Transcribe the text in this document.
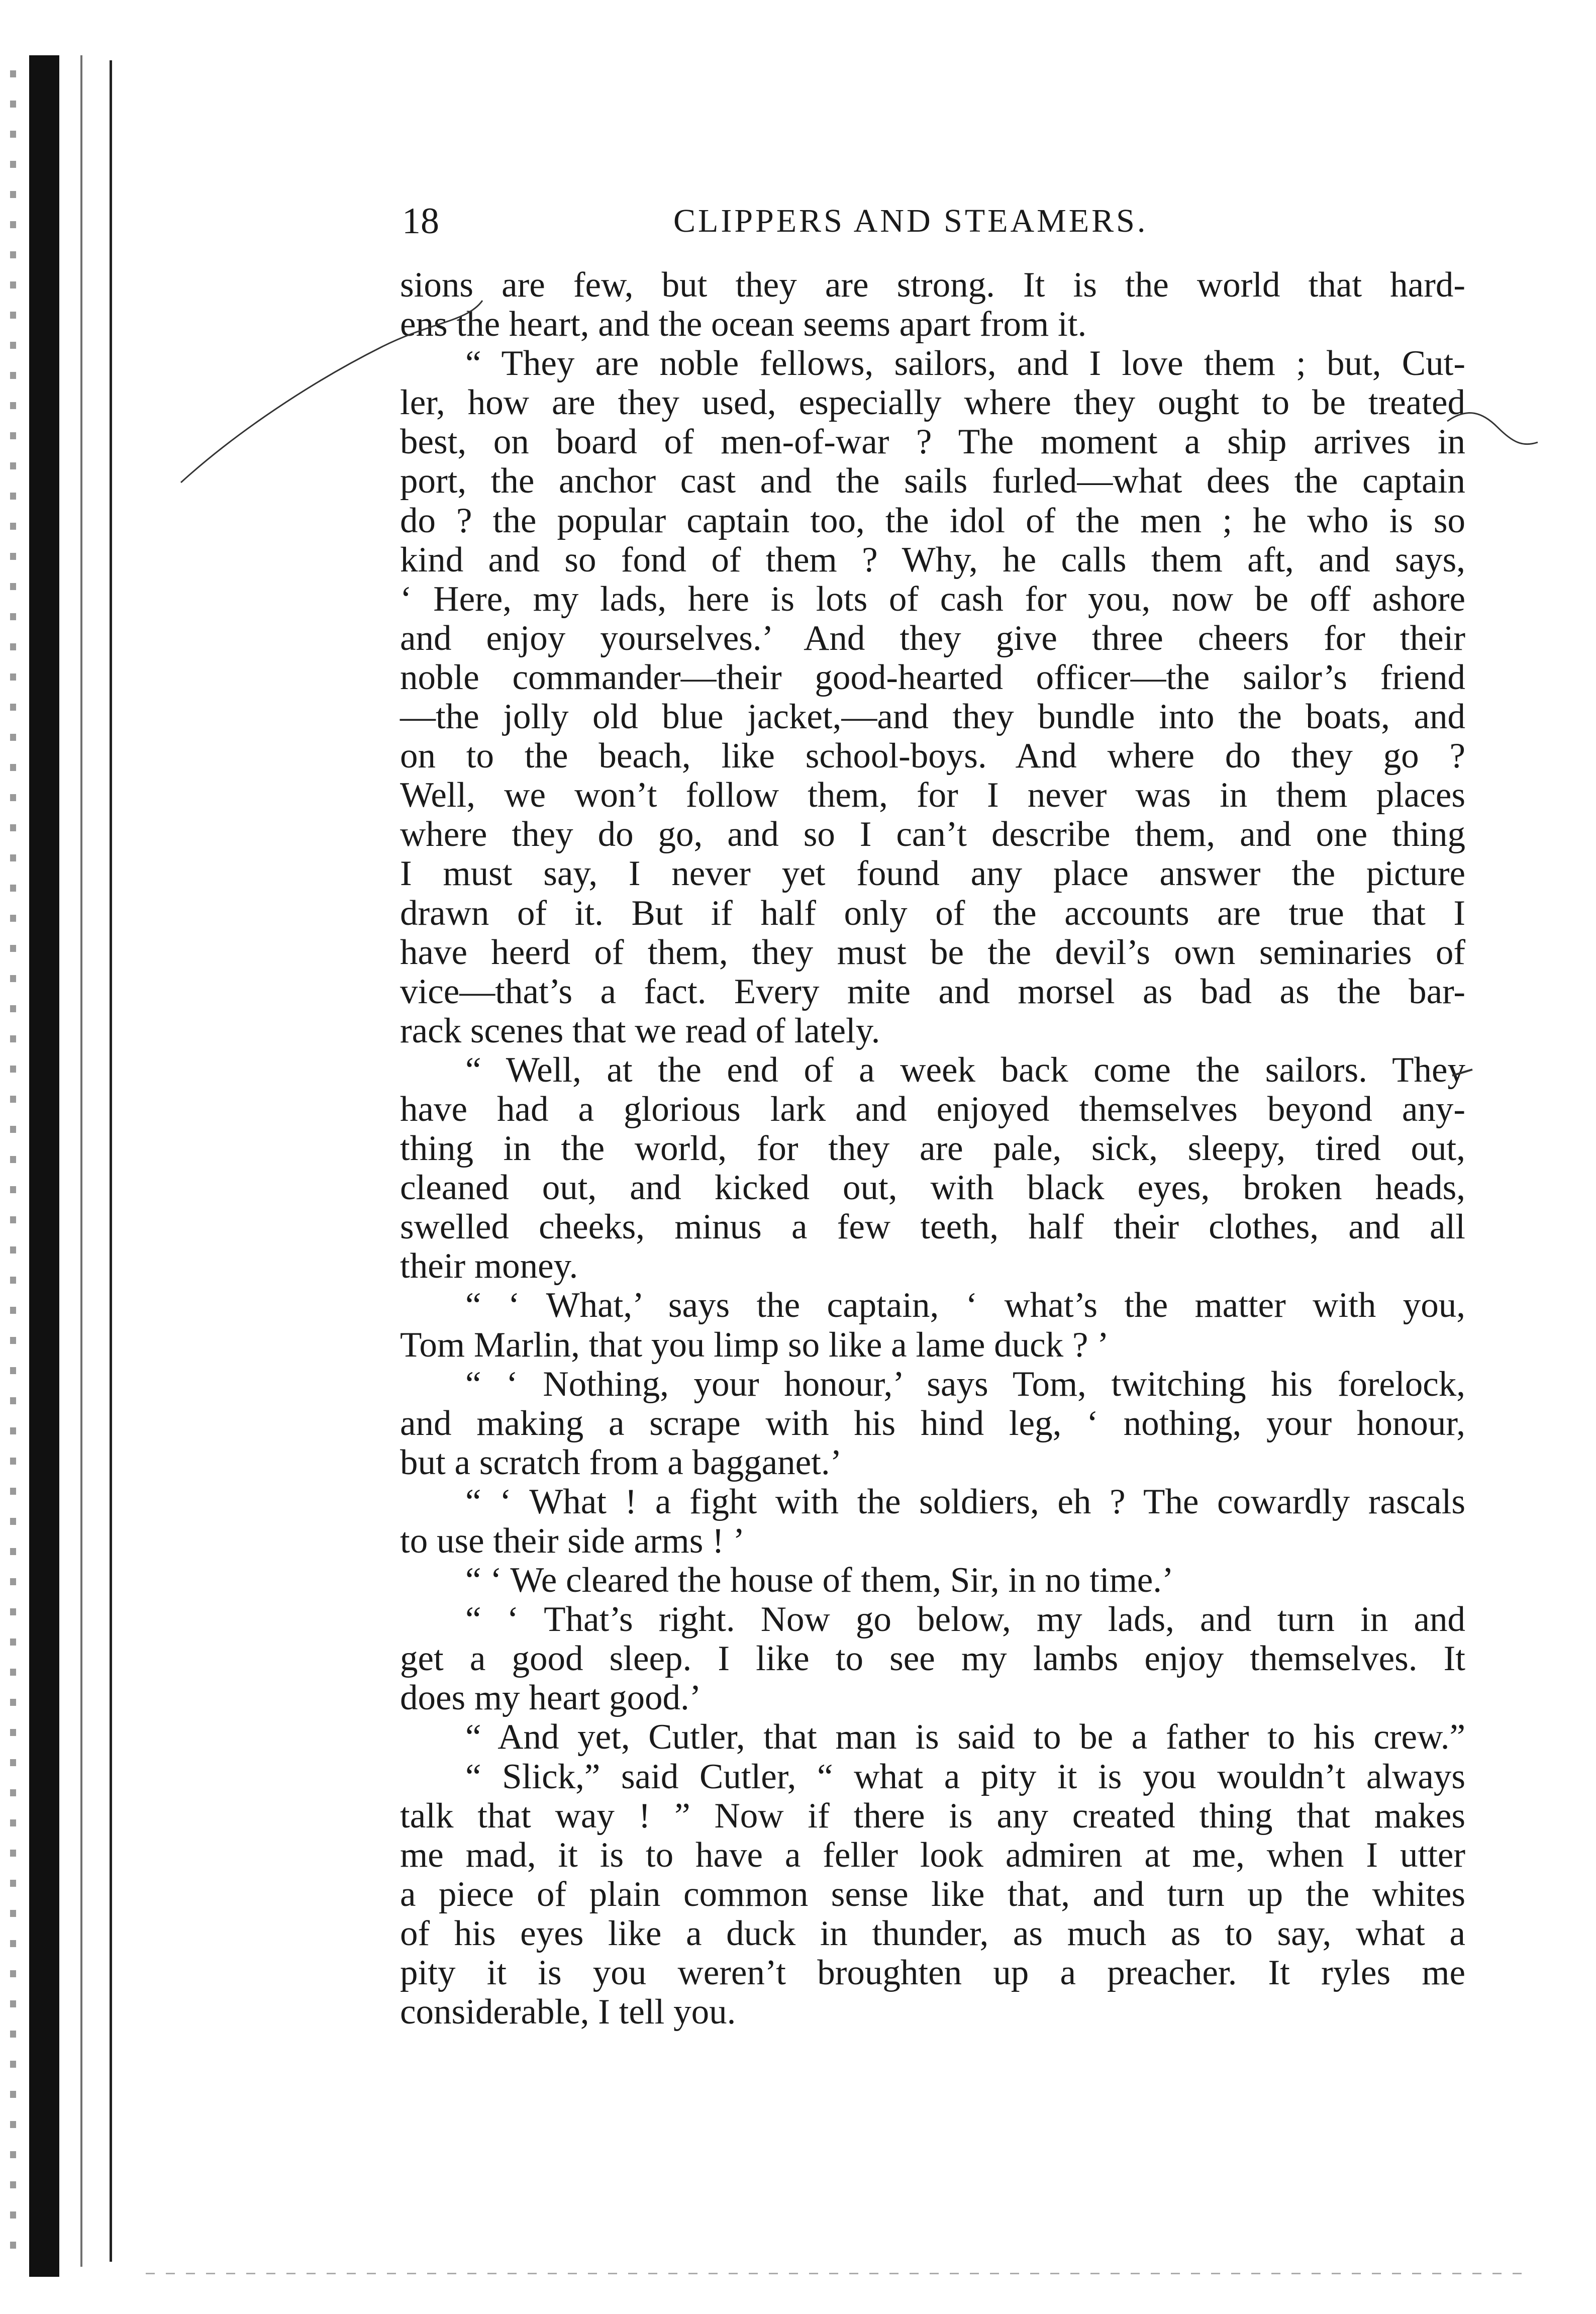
18	CLIPPERS AND STEAMERS.
sions are few, but they are strong. It is the world that hard-
ens the heart, and the ocean seems apart from it.
“ They are noble fellows, sailors, and I love them ; but, Cut-
ler, how are they used, especially where they ought to be treated
best, on board of men-of-war ? The moment a ship arrives in
port, the anchor cast and the sails furled—what dees the captain
do ? the popular captain too, the idol of the men ; he who is so
kind and so fond of them ? Why, he calls them aft, and says,
‘ Here, my lads, here is lots of cash for you, now be off ashore
and enjoy yourselves.’ And they give three cheers for their
noble commander—their good-hearted officer—the sailor’s friend
—the jolly old blue jacket,—and they bundle into the boats, and
on to the beach, like school-boys. And where do they go ?
Well, we won’t follow them, for I never was in them places
where they do go, and so I can’t describe them, and one thing
I must say, I never yet found any place answer the picture
drawn of it. But if half only of the accounts are true that I
have heerd of them, they must be the devil’s own seminaries of
vice—that’s a fact. Every mite and morsel as bad as the bar-
rack scenes that we read of lately.
“ Well, at the end of a week back come the sailors. They
have had a glorious lark and enjoyed themselves beyond any-
thing in the world, for they are pale, sick, sleepy, tired out,
cleaned out, and kicked out, with black eyes, broken heads,
swelled cheeks, minus a few teeth, half their clothes, and all
their money.
“ ‘ What,’ says the captain, ‘ what’s the matter with you,
Tom Marlin, that you limp so like a lame duck ? ’
“ ‘ Nothing, your honour,’ says Tom, twitching his forelock,
and making a scrape with his hind leg, ‘ nothing, your honour,
but a scratch from a bagganet.’
“ ‘ What ! a fight with the soldiers, eh ? The cowardly rascals
to use their side arms ! ’
“ ‘ We cleared the house of them, Sir, in no time.’
“ ‘ That’s right. Now go below, my lads, and turn in and
get a good sleep. I like to see my lambs enjoy themselves. It
does my heart good.’
“ And yet, Cutler, that man is said to be a father to his crew.”
“ Slick,” said Cutler, “ what a pity it is you wouldn’t always
talk that way ! ” Now if there is any created thing that makes
me mad, it is to have a feller look admiren at me, when I utter
a piece of plain common sense like that, and turn up the whites
of his eyes like a duck in thunder, as much as to say, what a
pity it is you weren’t broughten up a preacher. It ryles me
considerable, I tell you.
